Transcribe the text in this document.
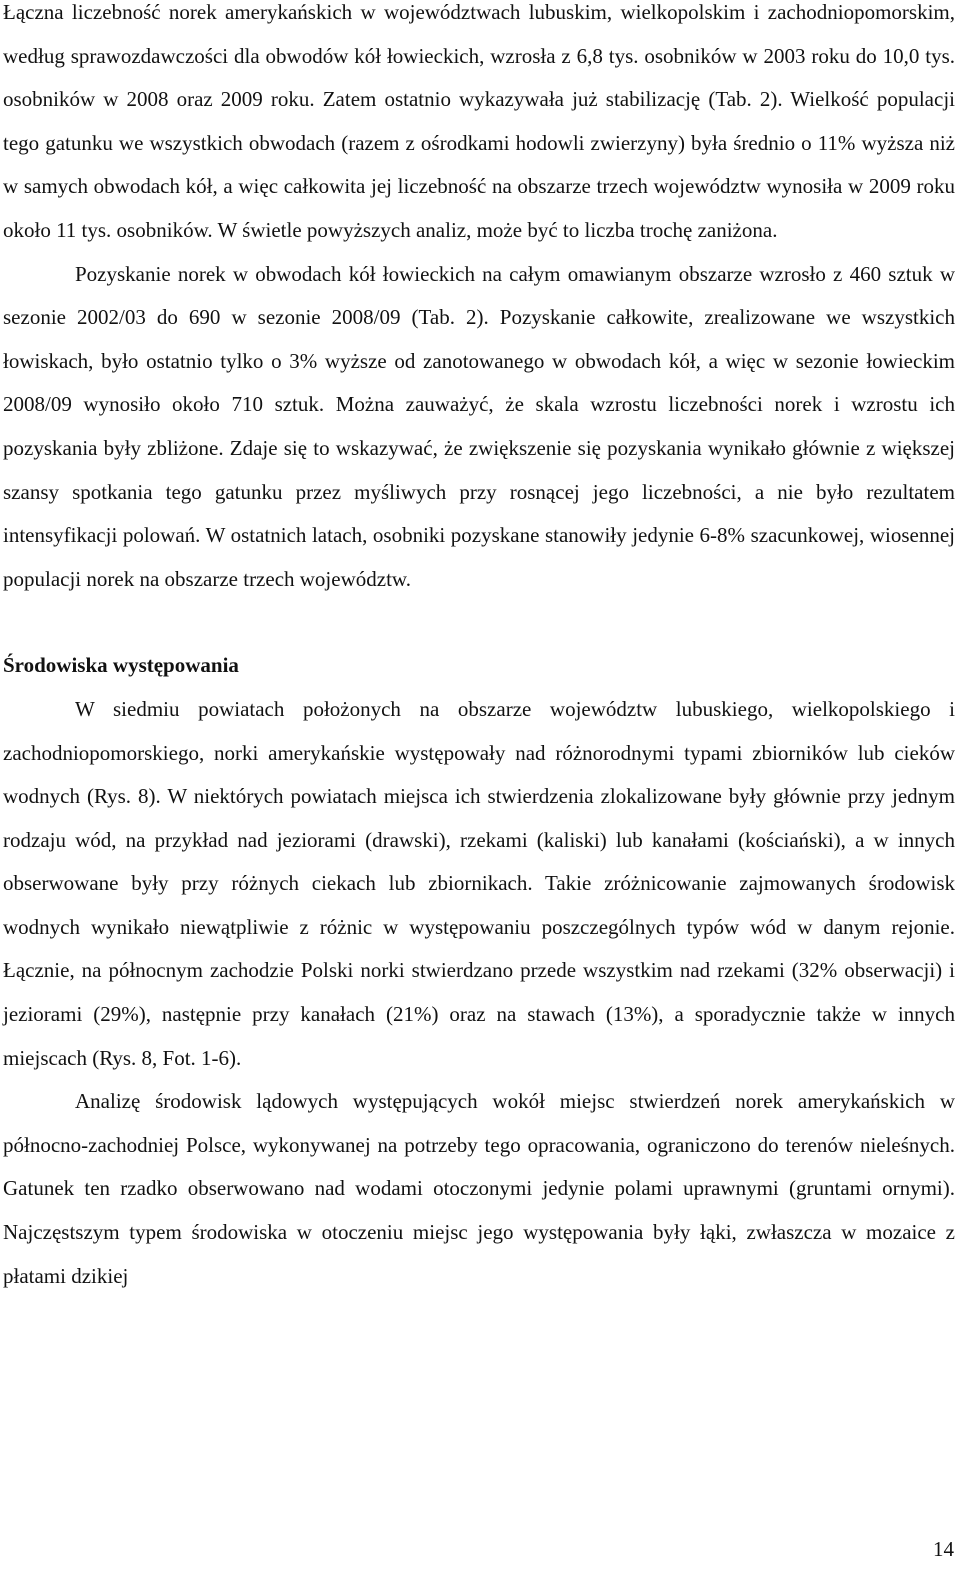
Łączna liczebność norek amerykańskich w województwach lubuskim, wielkopolskim i zachodniopomorskim, według sprawozdawczości dla obwodów kół łowieckich, wzrosła z 6,8 tys. osobników w 2003 roku do 10,0 tys. osobników w 2008 oraz 2009 roku. Zatem ostatnio wykazywała już stabilizację (Tab. 2). Wielkość populacji tego gatunku we wszystkich obwodach (razem z ośrodkami hodowli zwierzyny) była średnio o 11% wyższa niż w samych obwodach kół, a więc całkowita jej liczebność na obszarze trzech województw wynosiła w 2009 roku około 11 tys. osobników. W świetle powyższych analiz, może być to liczba trochę zaniżona.

Pozyskanie norek w obwodach kół łowieckich na całym omawianym obszarze wzrosło z 460 sztuk w sezonie 2002/03 do 690 w sezonie 2008/09 (Tab. 2). Pozyskanie całkowite, zrealizowane we wszystkich łowiskach, było ostatnio tylko o 3% wyższe od zanotowanego w obwodach kół, a więc w sezonie łowieckim 2008/09 wynosiło około 710 sztuk. Można zauważyć, że skala wzrostu liczebności norek i wzrostu ich pozyskania były zbliżone. Zdaje się to wskazywać, że zwiększenie się pozyskania wynikało głównie z większej szansy spotkania tego gatunku przez myśliwych przy rosnącej jego liczebności, a nie było rezultatem intensyfikacji polowań. W ostatnich latach, osobniki pozyskane stanowiły jedynie 6-8% szacunkowej, wiosennej populacji norek na obszarze trzech województw.

Środowiska występowania

W siedmiu powiatach położonych na obszarze województw lubuskiego, wielkopolskiego i zachodniopomorskiego, norki amerykańskie występowały nad różnorodnymi typami zbiorników lub cieków wodnych (Rys. 8). W niektórych powiatach miejsca ich stwierdzenia zlokalizowane były głównie przy jednym rodzaju wód, na przykład nad jeziorami (drawski), rzekami (kaliski) lub kanałami (kościański), a w innych obserwowane były przy różnych ciekach lub zbiornikach. Takie zróżnicowanie zajmowanych środowisk wodnych wynikało niewątpliwie z różnic w występowaniu poszczególnych typów wód w danym rejonie. Łącznie, na północnym zachodzie Polski norki stwierdzano przede wszystkim nad rzekami (32% obserwacji) i jeziorami (29%), następnie przy kanałach (21%) oraz na stawach (13%), a sporadycznie także w innych miejscach (Rys. 8, Fot. 1-6).

Analizę środowisk lądowych występujących wokół miejsc stwierdzeń norek amerykańskich w północno-zachodniej Polsce, wykonywanej na potrzeby tego opracowania, ograniczono do terenów nieleśnych. Gatunek ten rzadko obserwowano nad wodami otoczonymi jedynie polami uprawnymi (gruntami ornymi). Najczęstszym typem środowiska w otoczeniu miejsc jego występowania były łąki, zwłaszcza w mozaice z płatami dzikiej

14
